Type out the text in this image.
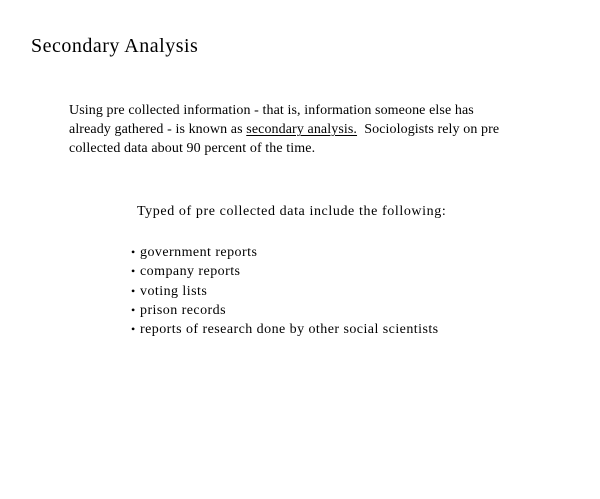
Secondary Analysis
Using pre collected information - that is, information someone else has
already gathered - is known as secondary analysis.  Sociologists rely on pre
collected data about 90 percent of the time.
Typed of pre collected data include the following:
• government reports
• company reports
• voting lists
• prison records
• reports of research done by other social scientists
